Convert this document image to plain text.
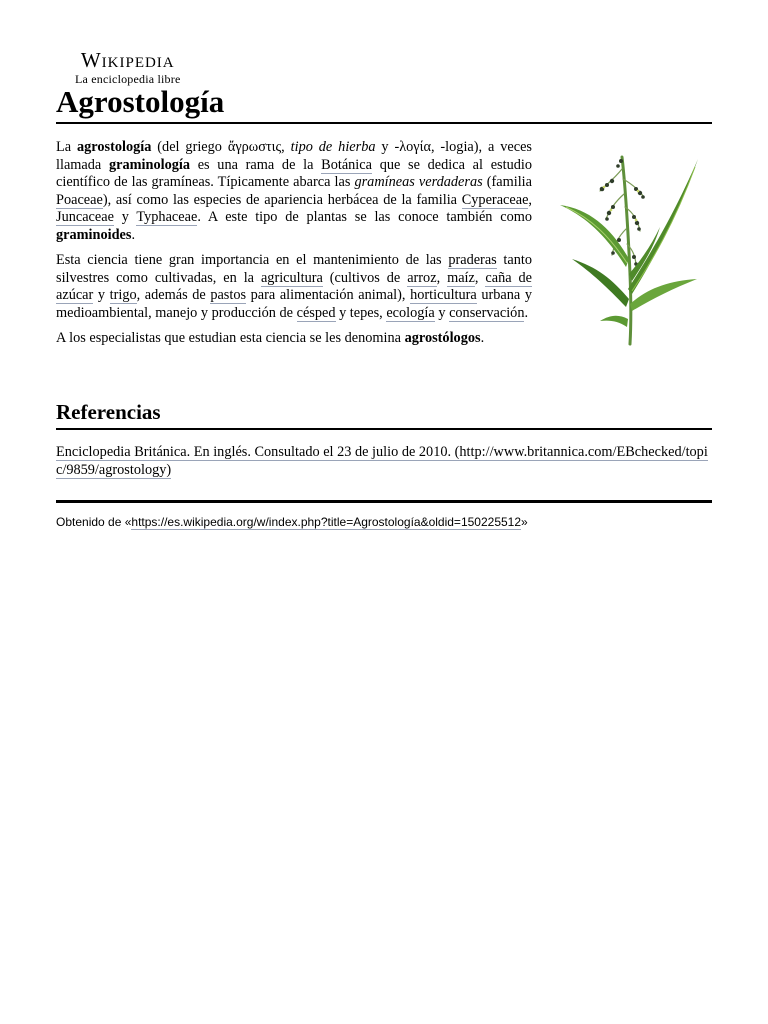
Wikipedia
La enciclopedia libre
Agrostología

La agrostología (del griego ἄγρωστις, tipo de hierba y -λογία, -logia), a veces llamada graminología es una rama de la Botánica que se dedica al estudio científico de las gramíneas. Típicamente abarca las gramíneas verdaderas (familia Poaceae), así como las especies de apariencia herbácea de la familia Cyperaceae, Juncaceae y Typhaceae. A este tipo de plantas se las conoce también como graminoides.

Esta ciencia tiene gran importancia en el mantenimiento de las praderas tanto silvestres como cultivadas, en la agricultura (cultivos de arroz, maíz, caña de azúcar y trigo, además de pastos para alimentación animal), horticultura urbana y medioambiental, manejo y producción de césped y tepes, ecología y conservación.

A los especialistas que estudian esta ciencia se les denomina agrostólogos.

Referencias
Enciclopedia Británica. En inglés. Consultado el 23 de julio de 2010. (http://www.britannica.com/EBchecked/topic/9859/agrostology)
Obtenido de «https://es.wikipedia.org/w/index.php?title=Agrostología&oldid=150225512»
